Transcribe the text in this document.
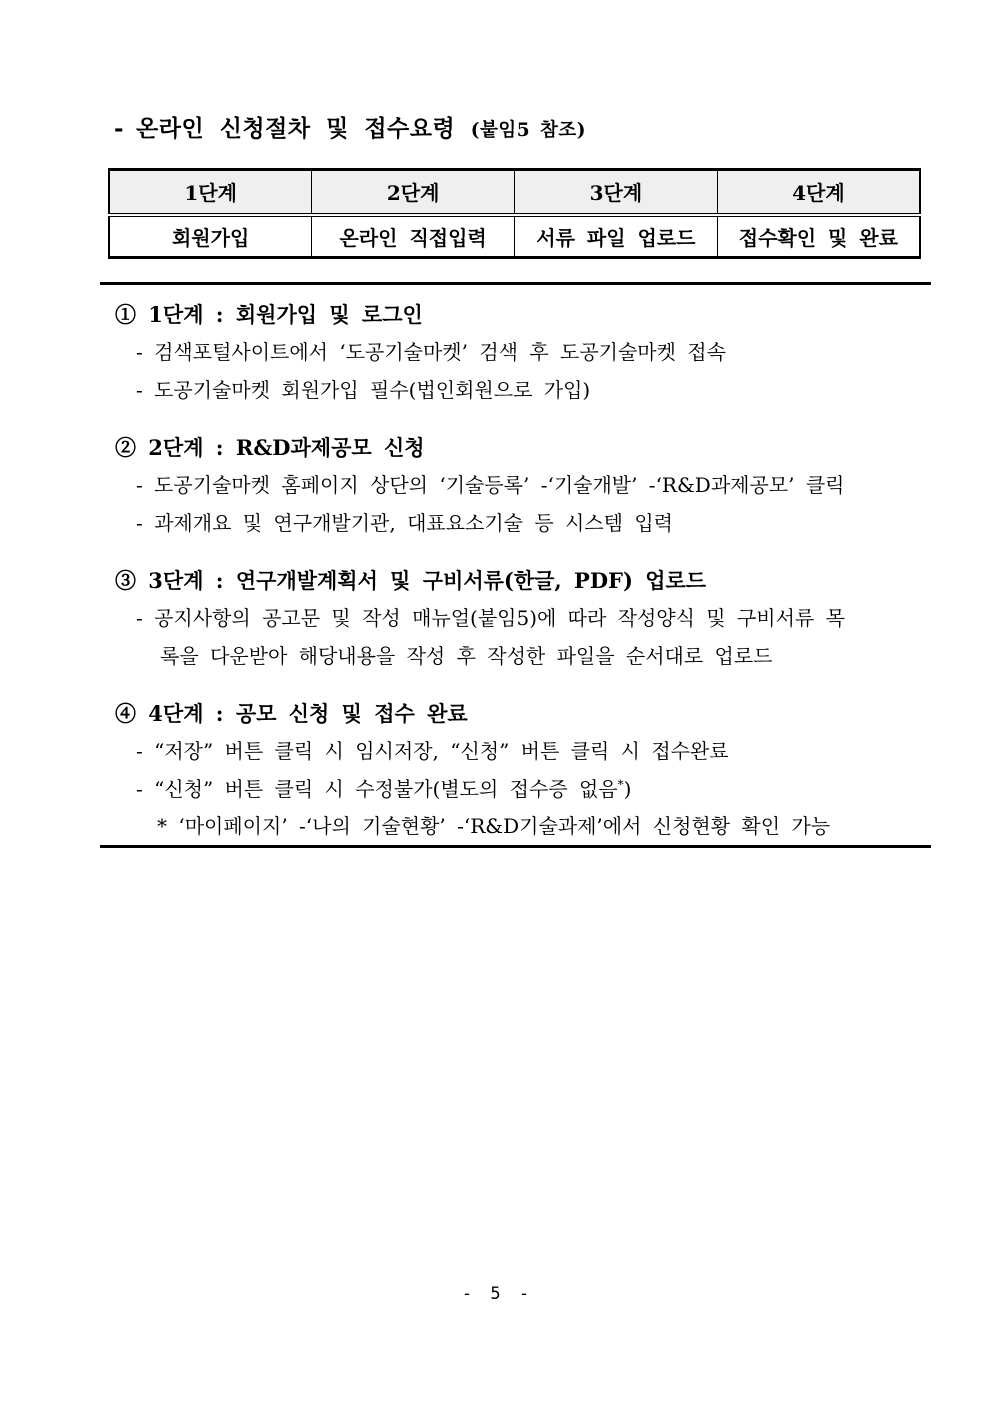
- 온라인 신청절차 및 접수요령 (붙임5 참조)
1단계	2단계	3단계	4단계
회원가입	온라인 직접입력	서류 파일 업로드	접수확인 및 완료
① 1단계 : 회원가입 및 로그인
- 검색포털사이트에서 ‘도공기술마켓’ 검색 후 도공기술마켓 접속
- 도공기술마켓 회원가입 필수(법인회원으로 가입)
② 2단계 : R&D과제공모 신청
- 도공기술마켓 홈페이지 상단의 ‘기술등록’ -‘기술개발’ -‘R&D과제공모’ 클릭
- 과제개요 및 연구개발기관, 대표요소기술 등 시스템 입력
③ 3단계 : 연구개발계획서 및 구비서류(한글, PDF) 업로드
- 공지사항의 공고문 및 작성 매뉴얼(붙임5)에 따라 작성양식 및 구비서류 목
록을 다운받아 해당내용을 작성 후 작성한 파일을 순서대로 업로드
④ 4단계 : 공모 신청 및 접수 완료
- “저장” 버튼 클릭 시 임시저장, “신청” 버튼 클릭 시 접수완료
- “신청” 버튼 클릭 시 수정불가(별도의 접수증 없음*)
* ‘마이페이지’ -‘나의 기술현황’ -‘R&D기술과제’에서 신청현황 확인 가능
- 5 -
